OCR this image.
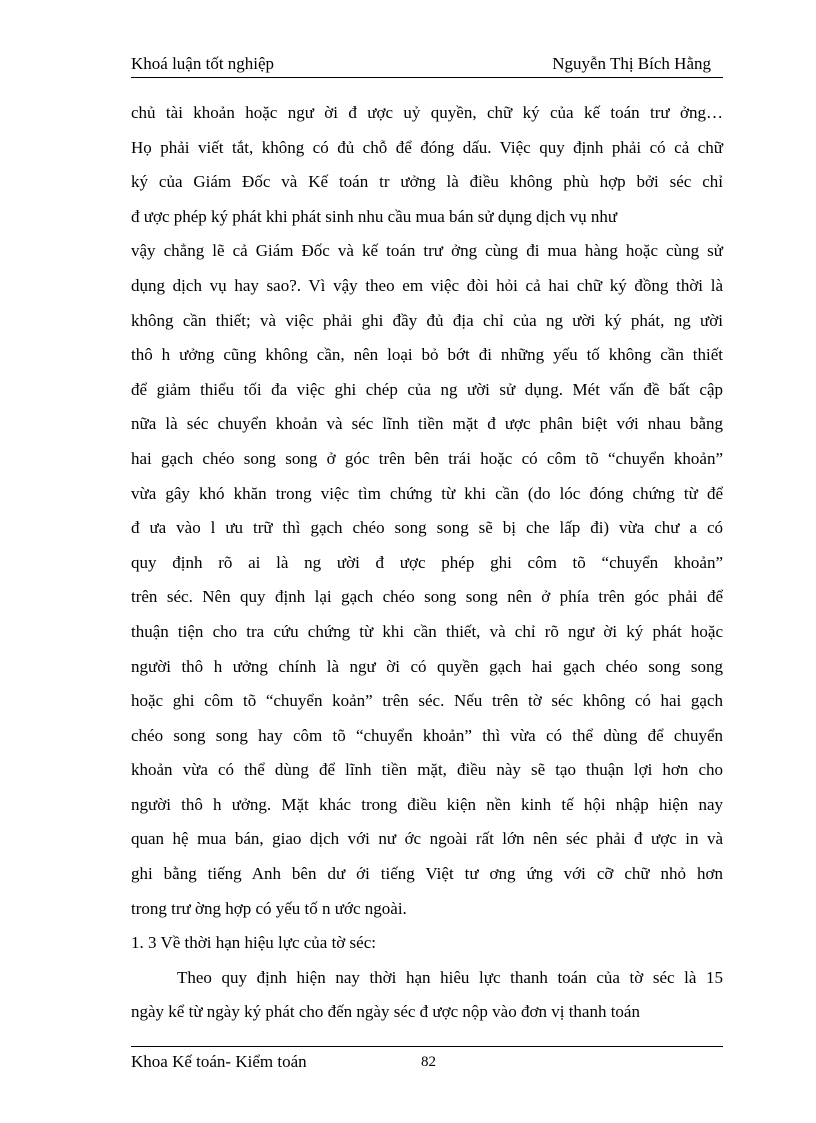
Khoá luận tốt nghiệp	Nguyễn Thị Bích Hằng
chủ tài khoản hoặc ngư ời đ ược uỷ quyền, chữ ký của kế toán trư ởng…
Họ phải viết tắt, không có đủ chỗ để đóng dấu. Việc quy định phải có cả chữ
ký của Giám Đốc và Kế toán tr ưởng là điều không phù hợp bởi séc chỉ
đ ược phép ký phát khi phát sinh nhu cầu mua bán sử dụng dịch vụ như
vậy chẳng lẽ cả Giám Đốc và kế toán trư ởng cùng đi mua hàng hoặc cùng sử
dụng dịch vụ hay sao?. Vì vậy theo em việc đòi hỏi cả hai chữ ký đồng thời là
không cần thiết; và việc phải ghi đầy đủ địa chỉ của ng ười ký phát, ng ười
thô h ưởng cũng không cần, nên loại bỏ bớt đi những yếu tố không cần thiết
để giảm thiểu tối đa việc ghi chép của ng ười sử dụng. Mét vấn đề bất cập
nữa là séc chuyển khoản và séc lĩnh tiền mặt đ ược phân biệt với nhau bằng
hai gạch chéo song song ở góc trên bên trái hoặc có côm tõ “chuyển khoản”
vừa gây khó khăn trong việc tìm chứng từ khi cần (do lóc đóng chứng từ để
đ ưa vào l ưu trữ thì gạch chéo song song sẽ bị che lấp đi) vừa chư a có
quy định rõ ai là ng ười đ ược phép ghi côm tõ “chuyển khoản”
trên séc. Nên quy định lại gạch chéo song song nên ở phía trên góc phải để
thuận tiện cho tra cứu chứng từ khi cần thiết, và chỉ rõ ngư ời ký phát hoặc
người thô h ưởng chính là ngư ời có quyền gạch hai gạch chéo song song
hoặc ghi côm tõ “chuyển koản” trên séc. Nếu trên tờ séc không có hai gạch
chéo song song hay côm tõ “chuyển khoản” thì vừa có thể dùng để chuyển
khoản vừa có thể dùng để lĩnh tiền mặt, điều này sẽ tạo thuận lợi hơn cho
người thô h ưởng. Mặt khác trong điều kiện nền kinh tế hội nhập hiện nay
quan hệ mua bán, giao dịch với nư ớc ngoài rất lớn nên séc phải đ ược in và
ghi bằng tiếng Anh bên dư ới tiếng Việt tư ơng ứng với cỡ chữ nhỏ hơn
trong trư ờng hợp có yếu tố n ước ngoài.
1. 3 Về thời hạn hiệu lực của tờ séc:
Theo quy định hiện nay thời hạn hiêu lực thanh toán của tờ séc là 15
ngày kể từ ngày ký phát cho đến ngày séc đ ược nộp vào đơn vị thanh toán
Khoa Kế toán- Kiểm toán	82
